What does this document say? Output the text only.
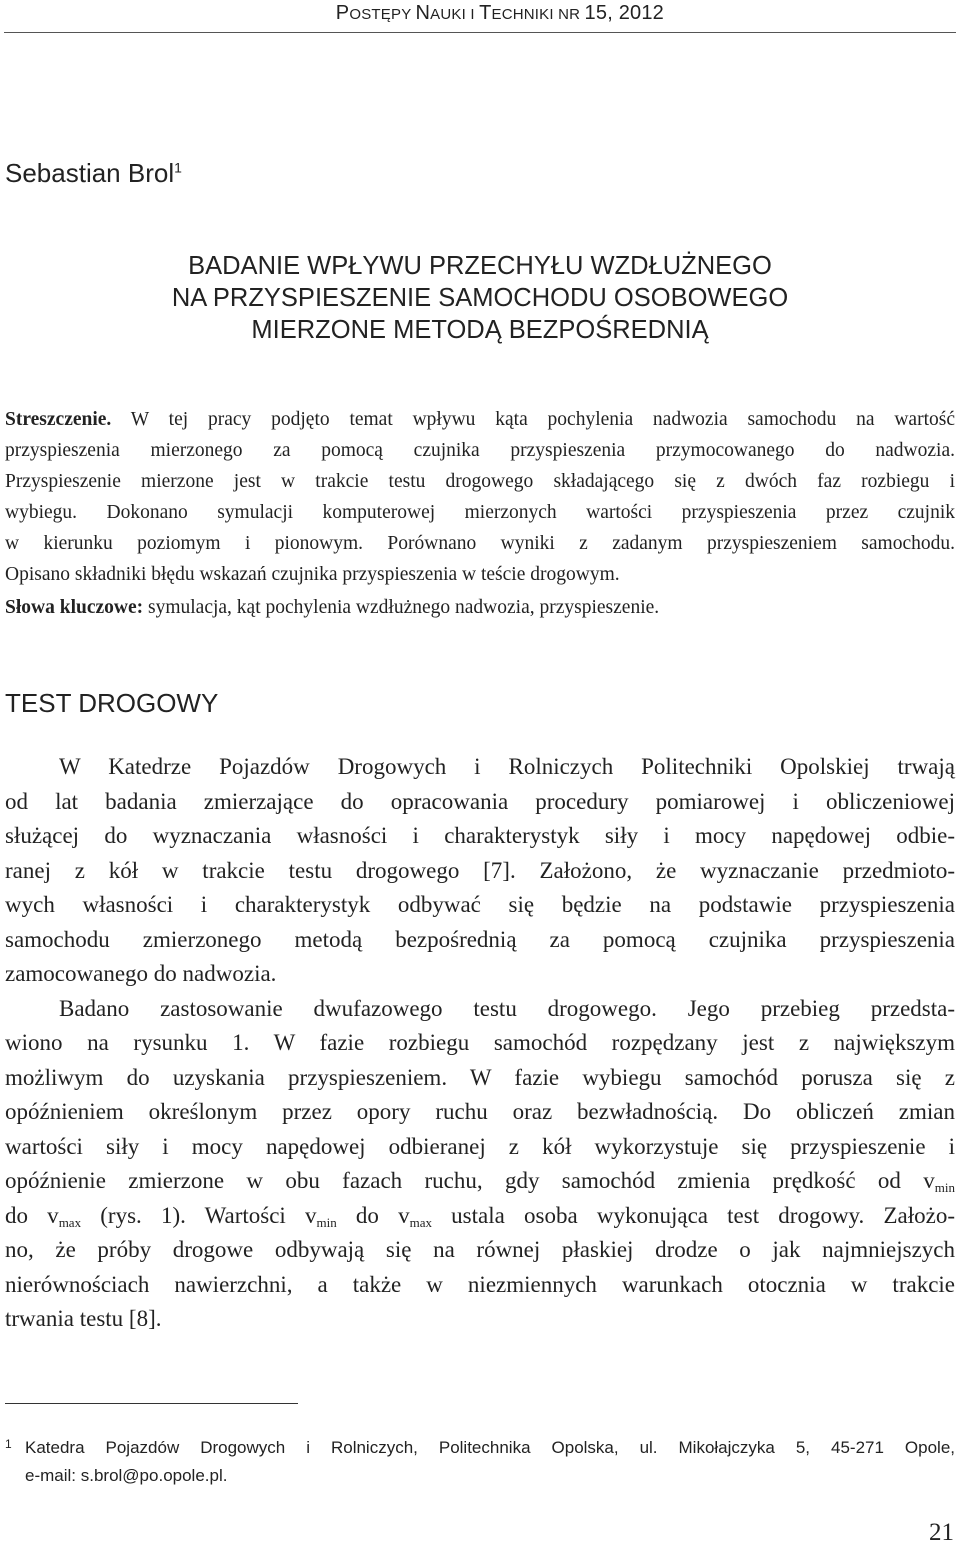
POSTĘPY NAUKI I TECHNIKI NR 15, 2012
Sebastian Brol$^1$
BADANIE WPŁYWU PRZECHYŁU WZDŁUŻNEGO
NA PRZYSPIESZENIE SAMOCHODU OSOBOWEGO
MIERZONE METODĄ BEZPOŚREDNIĄ
Streszczenie. W tej pracy podjęto temat wpływu kąta pochylenia nadwozia samochodu na wartość
przyspieszenia mierzonego za pomocą czujnika przyspieszenia przymocowanego do nadwozia.
Przyspieszenie mierzone jest w trakcie testu drogowego składającego się z dwóch faz rozbiegu i
wybiegu. Dokonano symulacji komputerowej mierzonych wartości przyspieszenia przez czujnik
w kierunku poziomym i pionowym. Porównano wyniki z zadanym przyspieszeniem samochodu.
Opisano składniki błędu wskazań czujnika przyspieszenia w teście drogowym.
Słowa kluczowe: symulacja, kąt pochylenia wzdłużnego nadwozia, przyspieszenie.
TEST DROGOWY
W Katedrze Pojazdów Drogowych i Rolniczych Politechniki Opolskiej trwają
od lat badania zmierzające do opracowania procedury pomiarowej i obliczeniowej
służącej do wyznaczania własności i charakterystyk siły i mocy napędowej odbie-
ranej z kół w trakcie testu drogowego [7]. Założono, że wyznaczanie przedmioto-
wych własności i charakterystyk odbywać się będzie na podstawie przyspieszenia
samochodu zmierzonego metodą bezpośrednią za pomocą czujnika przyspieszenia
zamocowanego do nadwozia.
Badano zastosowanie dwufazowego testu drogowego. Jego przebieg przedsta-
wiono na rysunku 1. W fazie rozbiegu samochód rozpędzany jest z największym
możliwym do uzyskania przyspieszeniem. W fazie wybiegu samochód porusza się z
opóźnieniem określonym przez opory ruchu oraz bezwładnością. Do obliczeń zmian
wartości siły i mocy napędowej odbieranej z kół wykorzystuje się przyspieszenie i
opóźnienie zmierzone w obu fazach ruchu, gdy samochód zmienia prędkość od $v_{min}$
do $v_{max}$ (rys. 1). Wartości $v_{min}$ do $v_{max}$ ustala osoba wykonująca test drogowy. Założo-
no, że próby drogowe odbywają się na równej płaskiej drodze o jak najmniejszych
nierównościach nawierzchni, a także w niezmiennych warunkach otocznia w trakcie
trwania testu [8].
1 Katedra Pojazdów Drogowych i Rolniczych, Politechnika Opolska, ul. Mikołajczyka 5, 45-271 Opole,
e-mail: s.brol@po.opole.pl.
21
